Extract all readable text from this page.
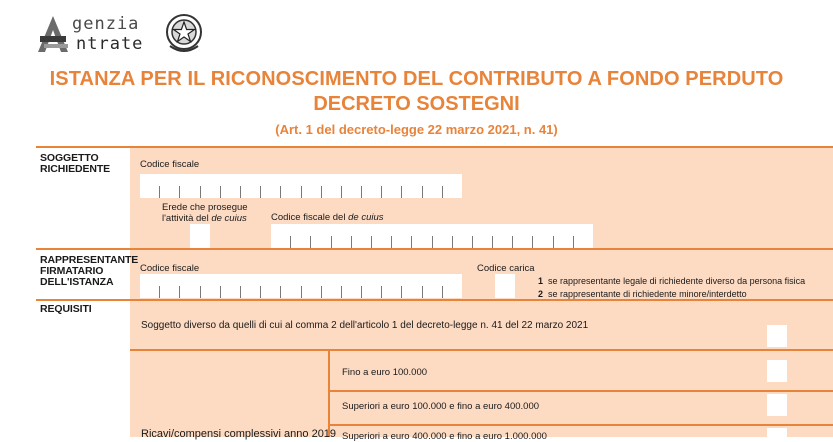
genzia
ntrate
ISTANZA PER IL RICONOSCIMENTO DEL CONTRIBUTO A FONDO PERDUTO
DECRETO SOSTEGNI
(Art. 1 del decreto-legge 22 marzo 2021, n. 41)
SOGGETTO
RICHIEDENTE	Codice fiscale
Erede che prosegue
l'attività del de cuius	Codice fiscale del de cuius
RAPPRESENTANTE
FIRMATARIO
DELL'ISTANZA
Codice fiscale	Codice carica
1 se rappresentante legale di richiedente diverso da persona fisica
2 se rappresentante di richiedente minore/interdetto
REQUISITI
Soggetto diverso da quelli di cui al comma 2 dell'articolo 1 del decreto-legge n. 41 del 22 marzo 2021
Fino a euro 100.000
Superiori a euro 100.000 e fino a euro 400.000
Superiori a euro 400.000 e fino a euro 1.000.000
Ricavi/compensi complessivi anno 2019
